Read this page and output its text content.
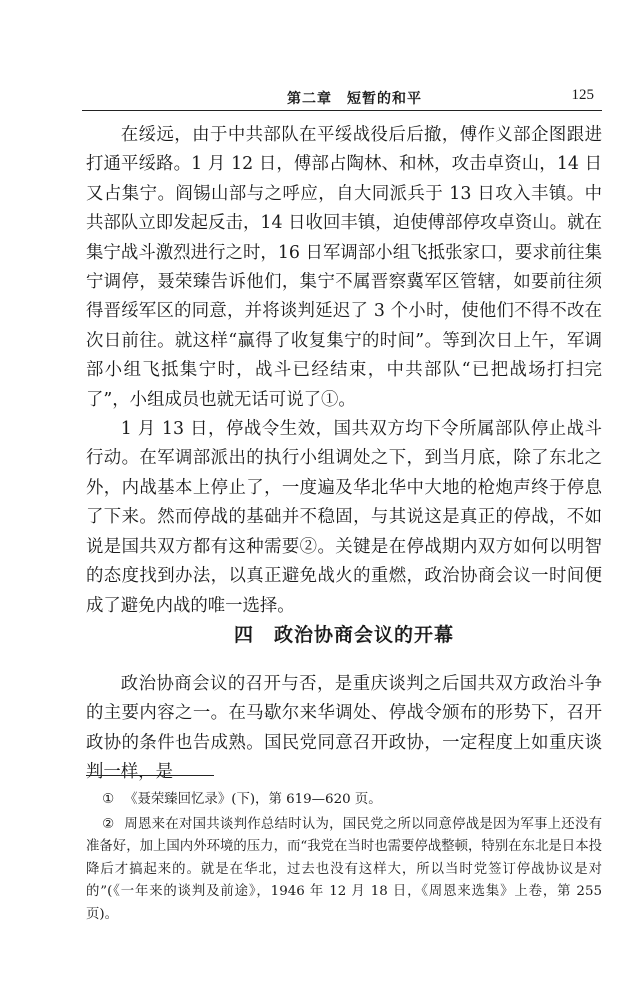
第二章　短暂的和平	125

在绥远，由于中共部队在平绥战役后后撤，傅作义部企图跟进打通平绥路。1 月 12 日，傅部占陶林、和林，攻击卓资山，14 日又占集宁。阎锡山部与之呼应，自大同派兵于 13 日攻入丰镇。中共部队立即发起反击，14 日收回丰镇，迫使傅部停攻卓资山。就在集宁战斗激烈进行之时，16 日军调部小组飞抵张家口，要求前往集宁调停，聂荣臻告诉他们，集宁不属晋察冀军区管辖，如要前往须得晋绥军区的同意，并将谈判延迟了 3 个小时，使他们不得不改在次日前往。就这样“赢得了收复集宁的时间”。等到次日上午，军调部小组飞抵集宁时，战斗已经结束，中共部队“已把战场打扫完了”，小组成员也就无话可说了①。

1 月 13 日，停战令生效，国共双方均下令所属部队停止战斗行动。在军调部派出的执行小组调处之下，到当月底，除了东北之外，内战基本上停止了，一度遍及华北华中大地的枪炮声终于停息了下来。然而停战的基础并不稳固，与其说这是真正的停战，不如说是国共双方都有这种需要②。关键是在停战期内双方如何以明智的态度找到办法，以真正避免战火的重燃，政治协商会议一时间便成了避免内战的唯一选择。

四 政治协商会议的开幕

政治协商会议的召开与否，是重庆谈判之后国共双方政治斗争的主要内容之一。在马歇尔来华调处、停战令颁布的形势下，召开政协的条件也告成熟。国民党同意召开政协，一定程度上如重庆谈判一样，是

① 《聂荣臻回忆录》(下)，第 619—620 页。

② 周恩来在对国共谈判作总结时认为，国民党之所以同意停战是因为军事上还没有准备好，加上国内外环境的压力，而“我党在当时也需要停战整顿，特别在东北是日本投降后才搞起来的。就是在华北，过去也没有这样大，所以当时党签订停战协议是对的”(《一年来的谈判及前途》，1946 年 12 月 18 日，《周恩来选集》上卷，第 255 页)。
